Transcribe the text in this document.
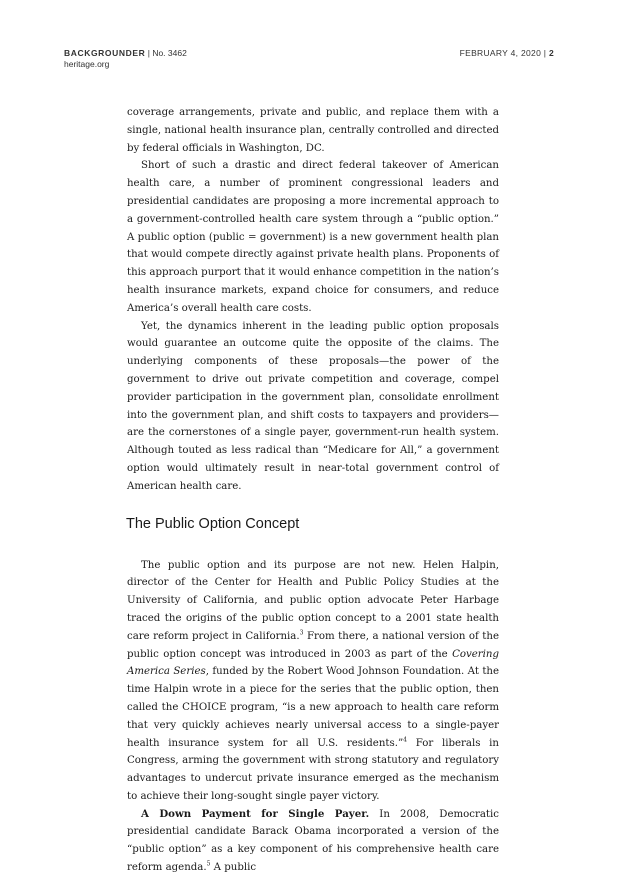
BACKGROUNDER | No. 3462
heritage.org
FEBRUARY 4, 2020 | 2

coverage arrangements, private and public, and replace them with a single, national health insurance plan, centrally controlled and directed by federal officials in Washington, DC.

Short of such a drastic and direct federal takeover of American health care, a number of prominent congressional leaders and presidential candidates are proposing a more incremental approach to a government-controlled health care system through a “public option.” A public option (public = government) is a new government health plan that would compete directly against private health plans. Proponents of this approach purport that it would enhance competition in the nation’s health insurance markets, expand choice for consumers, and reduce America’s overall health care costs.

Yet, the dynamics inherent in the leading public option proposals would guarantee an outcome quite the opposite of the claims. The underlying components of these proposals—the power of the government to drive out private competition and coverage, compel provider participation in the government plan, consolidate enrollment into the government plan, and shift costs to taxpayers and providers—are the cornerstones of a single payer, government-run health system. Although touted as less radical than “Medicare for All,” a government option would ultimately result in near-total government control of American health care.

The Public Option Concept

The public option and its purpose are not new. Helen Halpin, director of the Center for Health and Public Policy Studies at the University of California, and public option advocate Peter Harbage traced the origins of the public option concept to a 2001 state health care reform project in California.$^3$ From there, a national version of the public option concept was introduced in 2003 as part of the Covering America Series, funded by the Robert Wood Johnson Foundation. At the time Halpin wrote in a piece for the series that the public option, then called the CHOICE program, “is a new approach to health care reform that very quickly achieves nearly universal access to a single-payer health insurance system for all U.S. residents.”$^4$ For liberals in Congress, arming the government with strong statutory and regulatory advantages to undercut private insurance emerged as the mechanism to achieve their long-sought single payer victory.

A Down Payment for Single Payer. In 2008, Democratic presidential candidate Barack Obama incorporated a version of the “public option” as a key component of his comprehensive health care reform agenda.$^5$ A public
